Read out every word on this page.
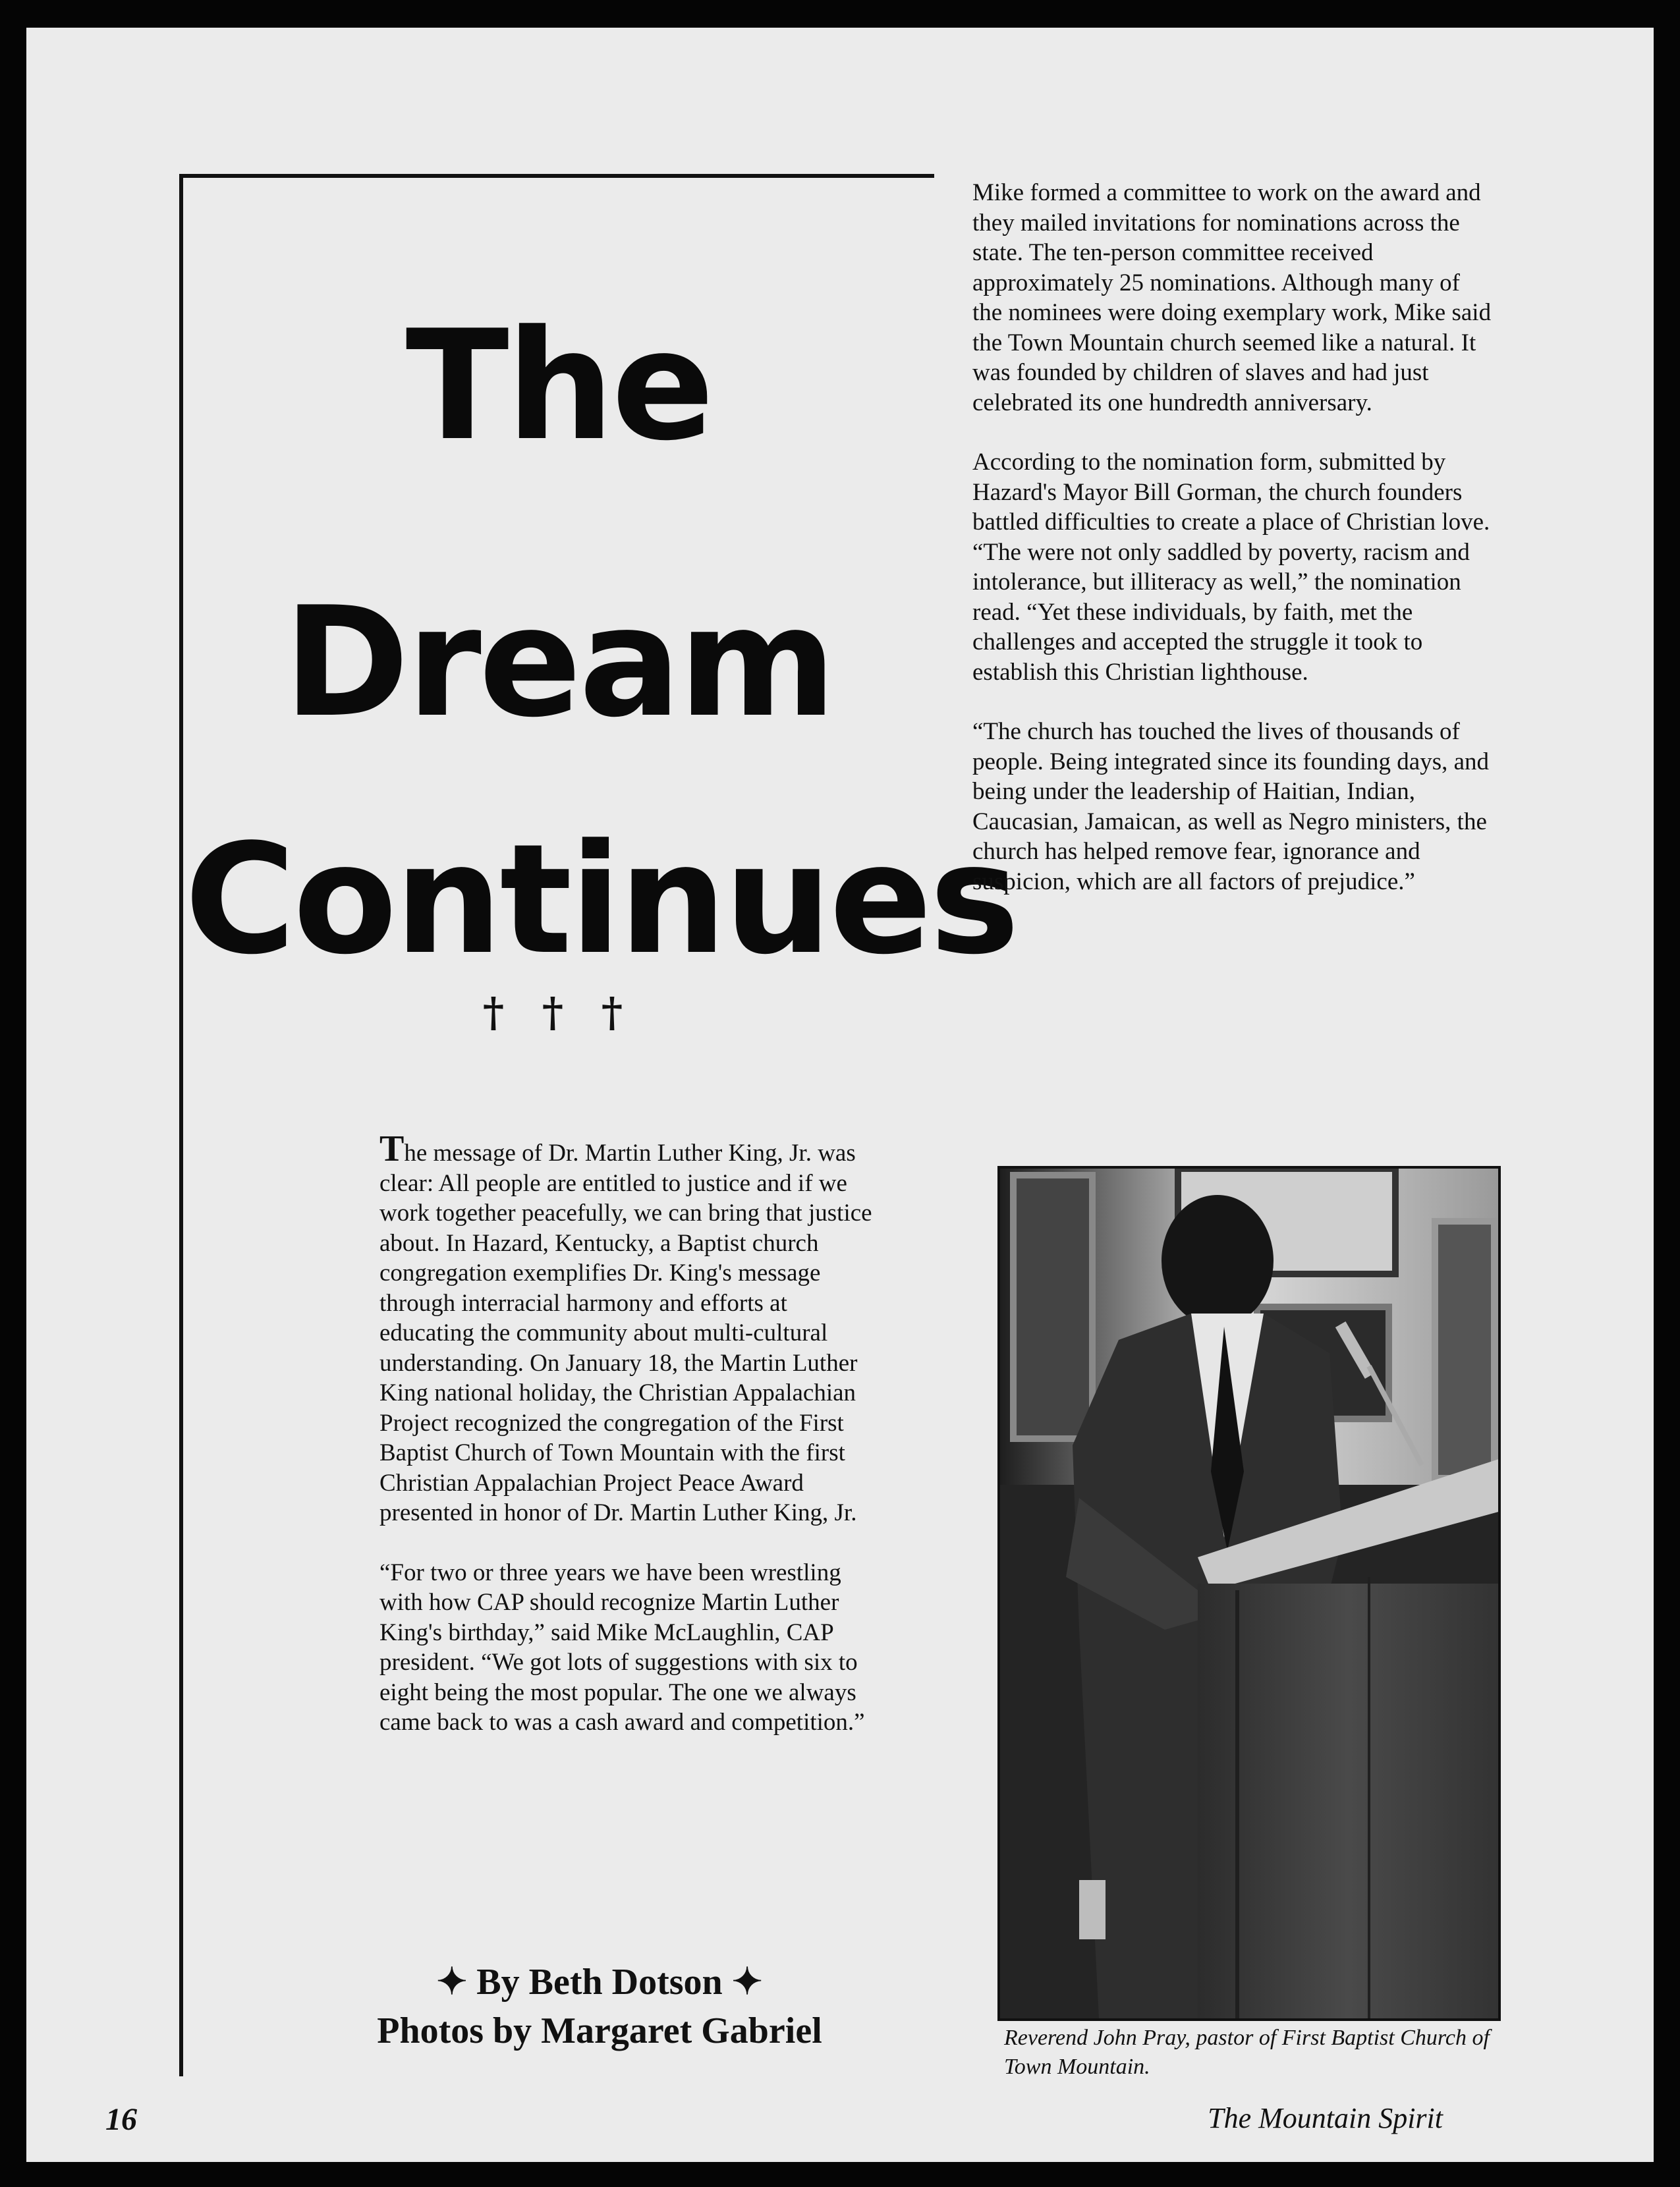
The
Dream
Continues
† † †

The message of Dr. Martin Luther King, Jr. was clear: All people are entitled to justice and if we work together peacefully, we can bring that justice about. In Hazard, Kentucky, a Baptist church congregation exemplifies Dr. King's message through interracial harmony and efforts at educating the community about multi-cultural understanding. On January 18, the Martin Luther King national holiday, the Christian Appalachian Project recognized the congregation of the First Baptist Church of Town Mountain with the first Christian Appalachian Project Peace Award presented in honor of Dr. Martin Luther King, Jr.

“For two or three years we have been wrestling with how CAP should recognize Martin Luther King's birthday,” said Mike McLaughlin, CAP president. “We got lots of suggestions with six to eight being the most popular. The one we always came back to was a cash award and competition.”

✦ By Beth Dotson ✦
Photos by Margaret Gabriel

Mike formed a committee to work on the award and they mailed invitations for nominations across the state. The ten-person committee received approximately 25 nominations. Although many of the nominees were doing exemplary work, Mike said the Town Mountain church seemed like a natural. It was founded by children of slaves and had just celebrated its one hundredth anniversary.

According to the nomination form, submitted by Hazard's Mayor Bill Gorman, the church founders battled difficulties to create a place of Christian love. “The were not only saddled by poverty, racism and intolerance, but illiteracy as well,” the nomination read. “Yet these individuals, by faith, met the challenges and accepted the struggle it took to establish this Christian lighthouse.

“The church has touched the lives of thousands of people. Being integrated since its founding days, and being under the leadership of Haitian, Indian, Caucasian, Jamaican, as well as Negro ministers, the church has helped remove fear, ignorance and suspicion, which are all factors of prejudice.”

Reverend John Pray, pastor of First Baptist Church of Town Mountain.
16	The Mountain Spirit
